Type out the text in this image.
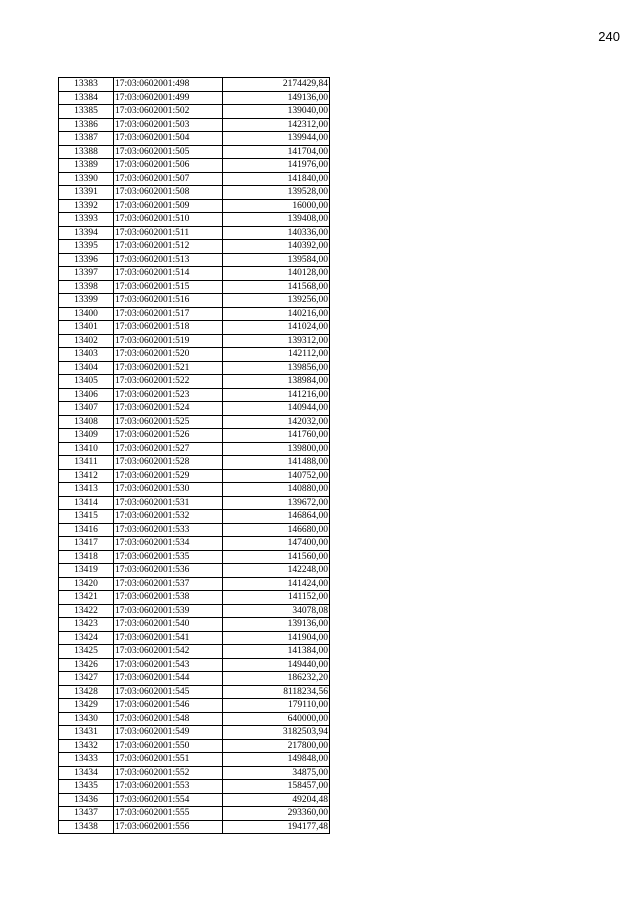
240
13383	17:03:0602001:498	2174429,84
13384	17:03:0602001:499	149136,00
13385	17:03:0602001:502	139040,00
13386	17:03:0602001:503	142312,00
13387	17:03:0602001:504	139944,00
13388	17:03:0602001:505	141704,00
13389	17:03:0602001:506	141976,00
13390	17:03:0602001:507	141840,00
13391	17:03:0602001:508	139528,00
13392	17:03:0602001:509	16000,00
13393	17:03:0602001:510	139408,00
13394	17:03:0602001:511	140336,00
13395	17:03:0602001:512	140392,00
13396	17:03:0602001:513	139584,00
13397	17:03:0602001:514	140128,00
13398	17:03:0602001:515	141568,00
13399	17:03:0602001:516	139256,00
13400	17:03:0602001:517	140216,00
13401	17:03:0602001:518	141024,00
13402	17:03:0602001:519	139312,00
13403	17:03:0602001:520	142112,00
13404	17:03:0602001:521	139856,00
13405	17:03:0602001:522	138984,00
13406	17:03:0602001:523	141216,00
13407	17:03:0602001:524	140944,00
13408	17:03:0602001:525	142032,00
13409	17:03:0602001:526	141760,00
13410	17:03:0602001:527	139800,00
13411	17:03:0602001:528	141488,00
13412	17:03:0602001:529	140752,00
13413	17:03:0602001:530	140880,00
13414	17:03:0602001:531	139672,00
13415	17:03:0602001:532	146864,00
13416	17:03:0602001:533	146680,00
13417	17:03:0602001:534	147400,00
13418	17:03:0602001:535	141560,00
13419	17:03:0602001:536	142248,00
13420	17:03:0602001:537	141424,00
13421	17:03:0602001:538	141152,00
13422	17:03:0602001:539	34078,08
13423	17:03:0602001:540	139136,00
13424	17:03:0602001:541	141904,00
13425	17:03:0602001:542	141384,00
13426	17:03:0602001:543	149440,00
13427	17:03:0602001:544	186232,20
13428	17:03:0602001:545	8118234,56
13429	17:03:0602001:546	179110,00
13430	17:03:0602001:548	640000,00
13431	17:03:0602001:549	3182503,94
13432	17:03:0602001:550	217800,00
13433	17:03:0602001:551	149848,00
13434	17:03:0602001:552	34875,00
13435	17:03:0602001:553	158457,00
13436	17:03:0602001:554	49204,48
13437	17:03:0602001:555	293360,00
13438	17:03:0602001:556	194177,48
